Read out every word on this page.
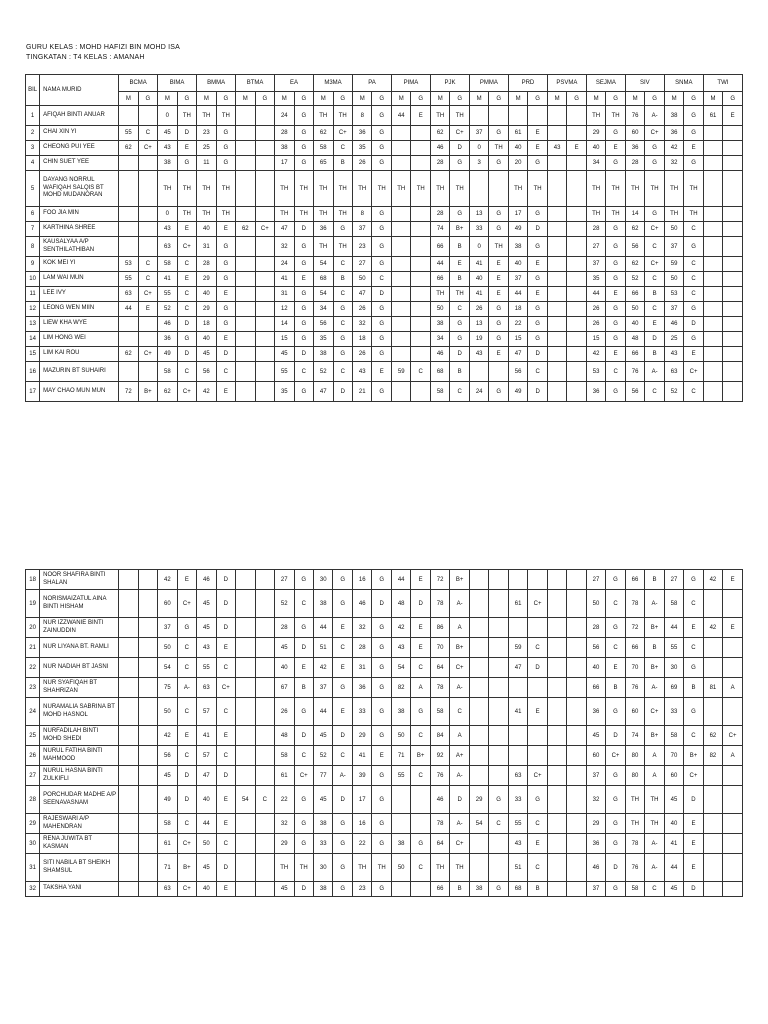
GURU KELAS : MOHD HAFIZI BIN MOHD ISA
TINGKATAN : T4 KELAS : AMANAH
BIL	NAMA MURID	BCMA		BIMA		BMMA		BTMA		EA		M3MA		PA		PIMA		PJK		PMMA		PRD		PSVMA		SEJMA		SIV		SNMA		TWI	
		M	G	M	G	M	G	M	G	M	G	M	G	M	G	M	G	M	G	M	G	M	G	M	G	M	G	M	G	M	G	M	G
1	AFIQAH BINTI ANUAR			0	TH	TH	TH			24	G	TH	TH	8	G	44	E	TH	TH							TH	TH	76	A-	38	G	61	E
2	CHAI XIN YI	55	C	45	D	23	G			28	G	62	C+	36	G			62	C+	37	G	61	E			29	G	60	C+	36	G		
3	CHEONG PUI YEE	62	C+	43	E	25	G			38	G	58	C	35	G			46	D	0	TH	40	E	43	E	40	E	36	G	42	E		
4	CHIN SUET YEE			38	G	11	G			17	G	65	B	26	G			28	G	3	G	20	G			34	G	28	G	32	G		
5	DAYANG NORRUL WAFIQAH SALQIS BT MOHD MUDANORAN			TH	TH	TH	TH			TH	TH	TH	TH	TH	TH	TH	TH	TH	TH			TH	TH			TH	TH	TH	TH	TH	TH		
6	FOO JIA MIN			0	TH	TH	TH			TH	TH	TH	TH	8	G			28	G	13	G	17	G			TH	TH	14	G	TH	TH		
7	KARTHINA SHREE			43	E	40	E	62	C+	47	D	36	G	37	G			74	B+	33	G	49	D			28	G	62	C+	50	C		
8	KAUSALYAA A/P SENTHILATHIBAN			63	C+	31	G			32	G	TH	TH	23	G			66	B	0	TH	38	G			27	G	56	C	37	G		
9	KOK MEI YI	53	C	58	C	28	G			24	G	54	C	27	G			44	E	41	E	40	E			37	G	62	C+	59	C		
10	LAM WAI MUN	55	C	41	E	29	G			41	E	68	B	50	C			66	B	40	E	37	G			35	G	52	C	50	C		
11	LEE IVY	63	C+	55	C	40	E			31	G	54	C	47	D			TH	TH	41	E	44	E			44	E	66	B	53	C		
12	LEONG WEN MIIN	44	E	52	C	29	G			12	G	34	G	26	G			50	C	26	G	18	G			26	G	50	C	37	G		
13	LIEW KHA WYE			46	D	18	G			14	G	56	C	32	G			38	G	13	G	22	G			26	G	40	E	46	D		
14	LIM HONG WEI			36	G	40	E			15	G	35	G	18	G			34	G	19	G	15	G			15	G	48	D	25	G		
15	LIM KAI ROU	62	C+	49	D	45	D			45	D	38	G	26	G			46	D	43	E	47	D			42	E	66	B	43	E		
16	MAZURIN BT SUHAIRI			58	C	56	C			55	C	52	C	43	E	59	C	68	B			56	C			53	C	76	A-	63	C+		
17	MAY CHAO MUN MUN	72	B+	62	C+	42	E			35	G	47	D	21	G			58	C	24	G	49	D			36	G	56	C	52	C		
18	NOOR SHAFIRA BINTI SHALAN			42	E	46	D			27	G	30	G	16	G	44	E	72	B+							27	G	66	B	27	G	42	E
19	NORISMAIZATUL AINA BINTI HISHAM			60	C+	45	D			52	C	38	G	46	D	48	D	78	A-			61	C+			50	C	78	A-	58	C		
20	NUR IZZWANIE BINTI ZAINUDDIN			37	G	45	D			28	G	44	E	32	G	42	E	86	A							28	G	72	B+	44	E	42	E
21	NUR LIYANA BT. RAMLI			50	C	43	E			45	D	51	C	28	G	43	E	70	B+			59	C			56	C	66	B	55	C		
22	NUR NADIAH BT JASNI			54	C	55	C			40	E	42	E	31	G	54	C	64	C+			47	D			40	E	70	B+	30	G		
23	NUR SYAFIQAH BT SHAHRIZAN			75	A-	63	C+			67	B	37	G	36	G	82	A	78	A-							66	B	76	A-	69	B	81	A
24	NURAMALIA SABRINA BT MOHD HASNOL			50	C	57	C			26	G	44	E	33	G	38	G	58	C			41	E			36	G	60	C+	33	G		
25	NURFADILAH BINTI MOHD SHEDI			42	E	41	E			48	D	45	D	29	G	50	C	84	A							45	D	74	B+	58	C	62	C+
26	NURUL FATIHA BINTI MAHMOOD			56	C	57	C			58	C	52	C	41	E	71	B+	92	A+							60	C+	80	A	70	B+	82	A
27	NURUL HASNA BINTI ZULKIFLI			45	D	47	D			61	C+	77	A-	39	G	55	C	76	A-			63	C+			37	G	80	A	60	C+		
28	PORCHUDAR MADHE A/P SEENAVASNAM			49	D	40	E	54	C	22	G	45	D	17	G			46	D	29	G	33	G			32	G	TH	TH	45	D		
29	RAJESWARI A/P MAHENDRAN			58	C	44	E			32	G	38	G	16	G			78	A-	54	C	55	C			29	G	TH	TH	40	E		
30	RENA JUWITA BT KASMAN			61	C+	50	C			29	G	33	G	22	G	38	G	64	C+			43	E			36	G	78	A-	41	E		
31	SITI NABILA BT SHEIKH SHAMSUL			71	B+	45	D			TH	TH	30	G	TH	TH	50	C	TH	TH			51	C			46	D	76	A-	44	E		
32	TAKSHA YANI			63	C+	40	E			45	D	38	G	23	G			66	B	38	G	68	B			37	G	58	C	45	D		
